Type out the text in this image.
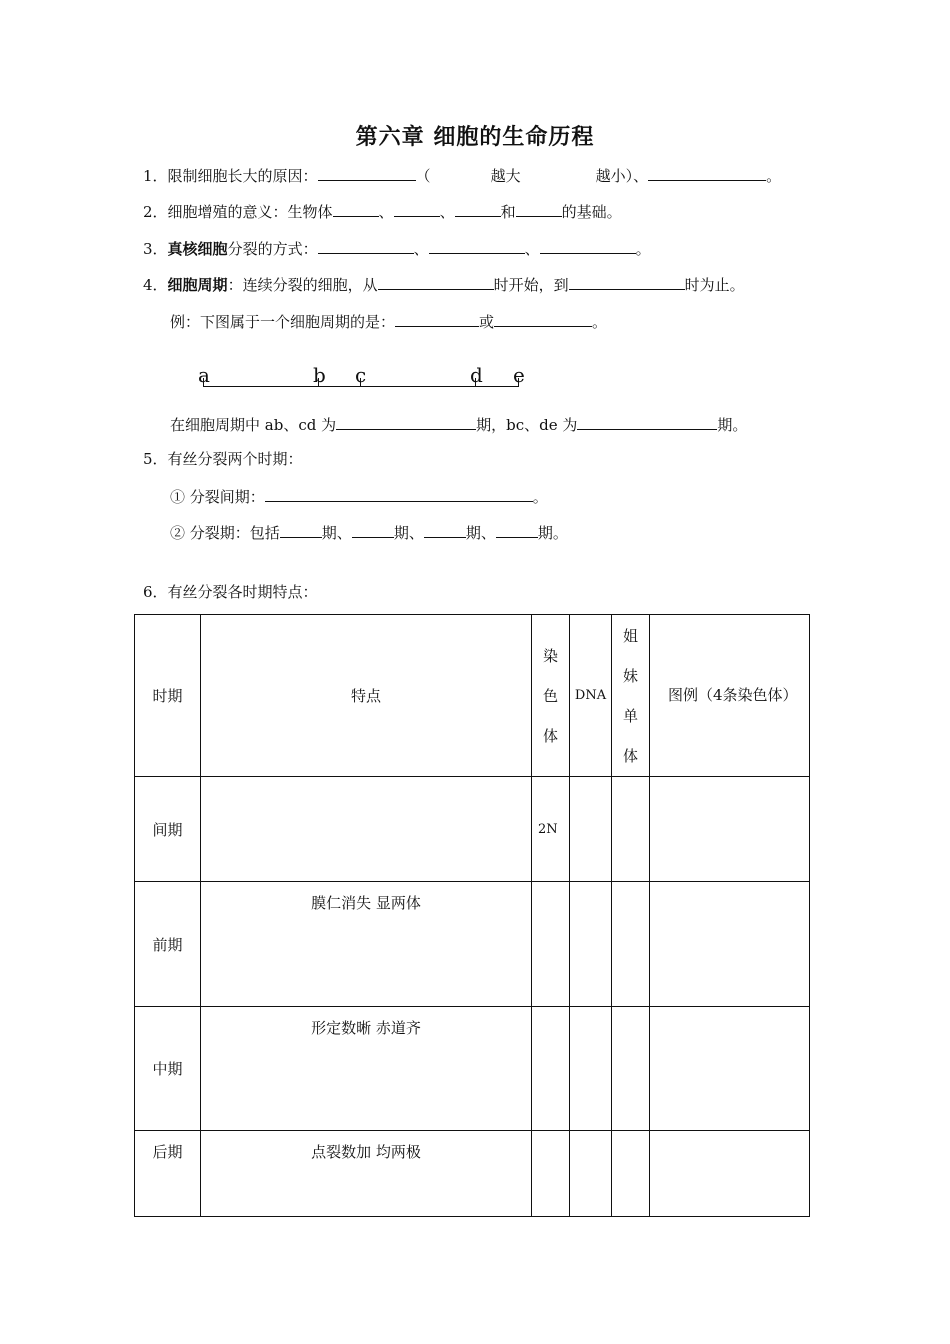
第六章 细胞的生命历程
1．限制细胞长大的原因：	（	越大	越小）、	。
2．细胞增殖的意义：生物体	、	、	和	的基础。
3．真核细胞分裂的方式：	、	、	。
4．细胞周期：连续分裂的细胞，从	时开始，到	时为止。
例：下图属于一个细胞周期的是：	或	。
a	b c	d e
在细胞周期中 ab、cd 为	期，bc、de 为	期。
5．有丝分裂两个时期：
① 分裂间期：	。
② 分裂期：包括	期、	期、	期、	期。
6．有丝分裂各时期特点：
时期	特点	染色体	DNA	姐妹单体	图例（4条染色体）
间期		2N			
前期	膜仁消失 显两体				
中期	形定数晰 赤道齐				
后期	点裂数加 均两极				
